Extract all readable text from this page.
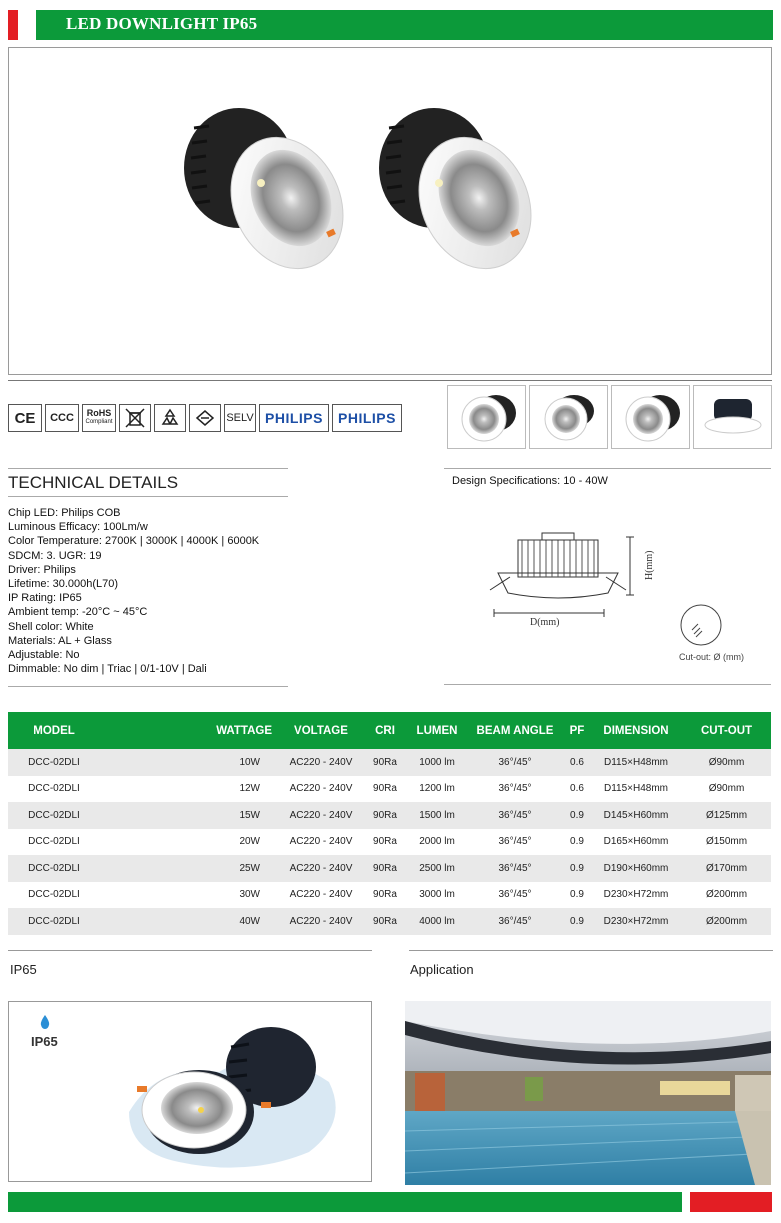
LED DOWNLIGHT IP65
CE	CCC	RoHS
Compliant	SELV PHILIPS	PHILIPS
TECHNICAL DETAILS
Chip LED: Philips COB
Luminous Efficacy: 100Lm/w
Color Temperature: 2700K | 3000K | 4000K | 6000K
SDCM: 3. UGR: 19
Driver: Philips
Lifetime: 30.000h(L70)
IP Rating: IP65
Ambient temp: -20°C ~ 45°C
Shell color: White
Materials: AL + Glass
Adjustable: No
Dimmable: No dim | Triac | 0/1-10V | Dali
Design Specifications: 10 - 40W
D(mm)
H(mm)
Cut-out: Ø (mm)
MODEL	WATTAGE	VOLTAGE	CRI	LUMEN	BEAM ANGLE	PF	DIMENSION	CUT-OUT
DCC-02DLI	10W	AC220 - 240V	90Ra	1000 lm	36°/45°	0.6	D115×H48mm	Ø90mm
DCC-02DLI	12W	AC220 - 240V	90Ra	1200 lm	36°/45°	0.6	D115×H48mm	Ø90mm
DCC-02DLI	15W	AC220 - 240V	90Ra	1500 lm	36°/45°	0.9	D145×H60mm	Ø125mm
DCC-02DLI	20W	AC220 - 240V	90Ra	2000 lm	36°/45°	0.9	D165×H60mm	Ø150mm
DCC-02DLI	25W	AC220 - 240V	90Ra	2500 lm	36°/45°	0.9	D190×H60mm	Ø170mm
DCC-02DLI	30W	AC220 - 240V	90Ra	3000 lm	36°/45°	0.9	D230×H72mm	Ø200mm
DCC-02DLI	40W	AC220 - 240V	90Ra	4000 lm	36°/45°	0.9	D230×H72mm	Ø200mm
IP65	Application
IP65
